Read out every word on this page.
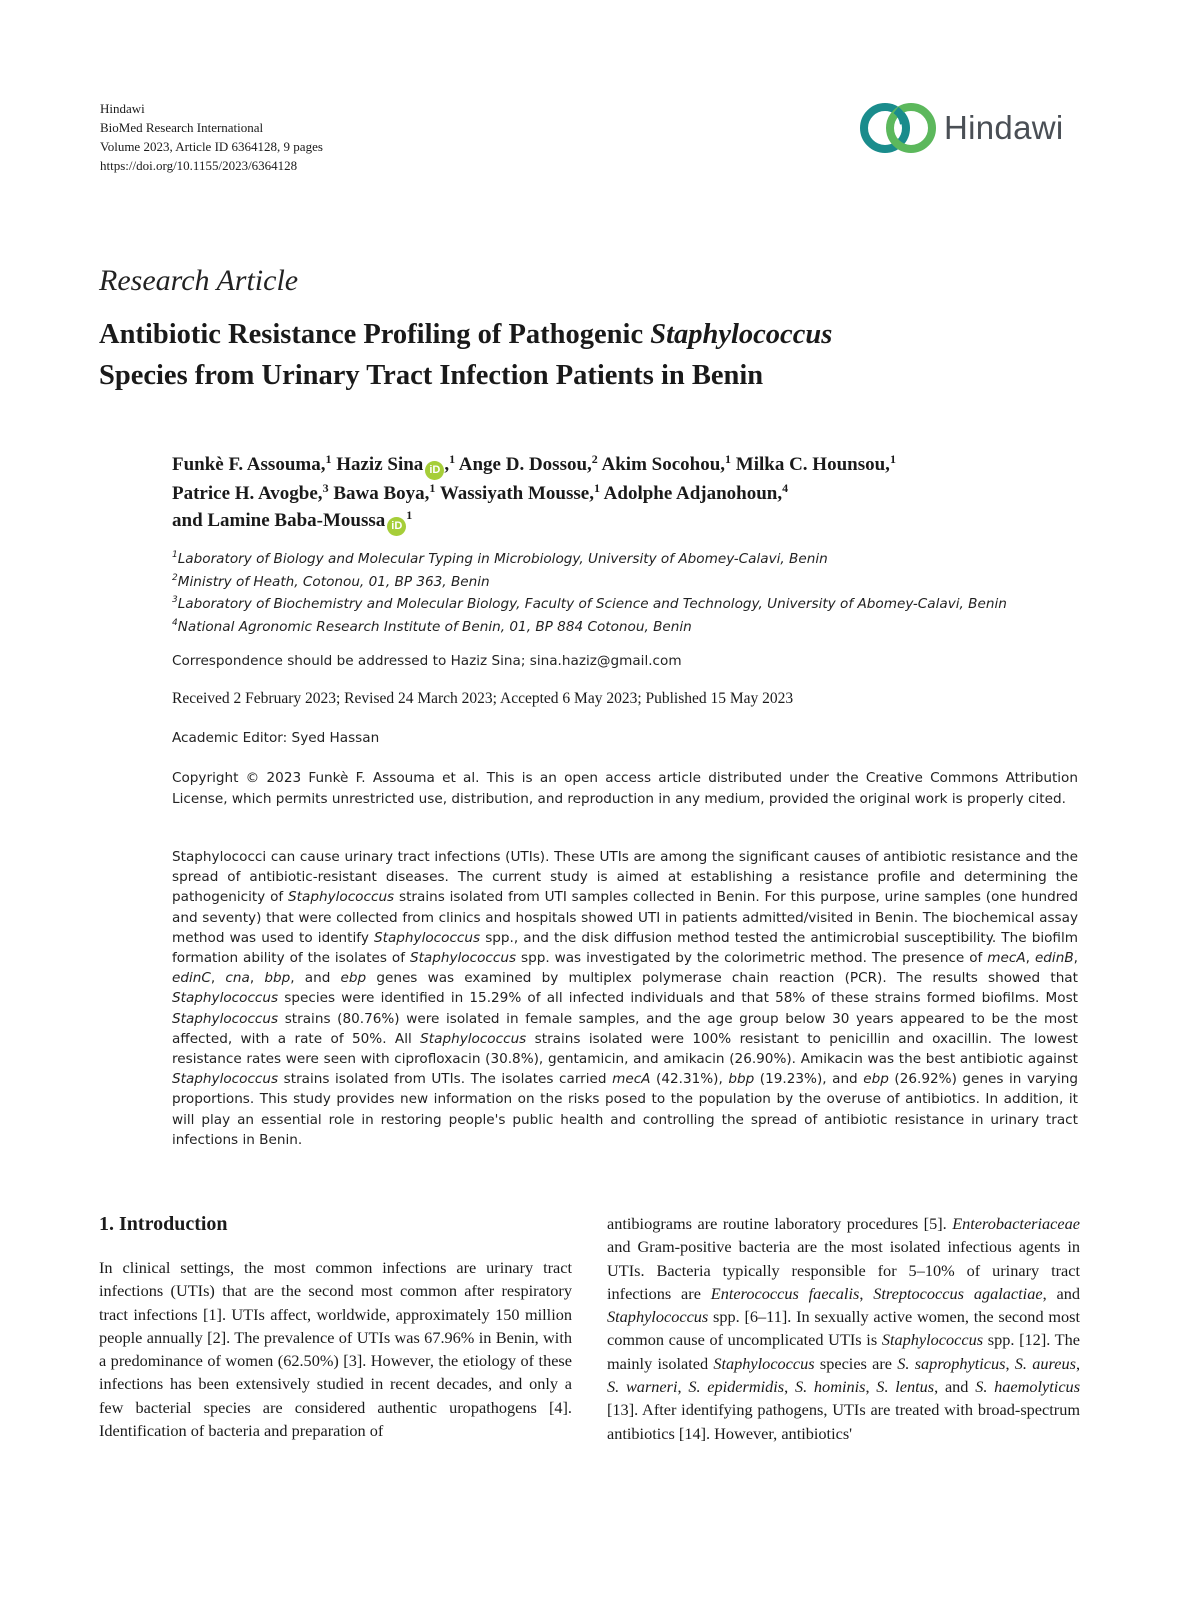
Hindawi
BioMed Research International
Volume 2023, Article ID 6364128, 9 pages
https://doi.org/10.1155/2023/6364128
Hindawi
Research Article
Antibiotic Resistance Profiling of Pathogenic Staphylococcus
Species from Urinary Tract Infection Patients in Benin
Funkè F. Assouma,$^1$ Haziz Sina iD ,$^1$ Ange D. Dossou,$^2$ Akim Socohou,$^1$ Milka C. Hounsou,$^1$
Patrice H. Avogbe,$^3$ Bawa Boya,$^1$ Wassiyath Mousse,$^1$ Adolphe Adjanohoun,$^4$
and Lamine Baba-Moussa $iD^1$
$^1$Laboratory of Biology and Molecular Typing in Microbiology, University of Abomey-Calavi, Benin
$^2$Ministry of Heath, Cotonou, 01, BP 363, Benin
$^3$Laboratory of Biochemistry and Molecular Biology, Faculty of Science and Technology, University of Abomey-Calavi, Benin
$^4$National Agronomic Research Institute of Benin, 01, BP 884 Cotonou, Benin
Correspondence should be addressed to Haziz Sina; sina.haziz@gmail.com
Received 2 February 2023; Revised 24 March 2023; Accepted 6 May 2023; Published 15 May 2023
Academic Editor: Syed Hassan
Copyright © 2023 Funkè F. Assouma et al. This is an open access article distributed under the Creative Commons Attribution License, which permits unrestricted use, distribution, and reproduction in any medium, provided the original work is properly cited.
Staphylococci can cause urinary tract infections (UTIs). These UTIs are among the significant causes of antibiotic resistance and the spread of antibiotic-resistant diseases. The current study is aimed at establishing a resistance profile and determining the pathogenicity of Staphylococcus strains isolated from UTI samples collected in Benin. For this purpose, urine samples (one hundred and seventy) that were collected from clinics and hospitals showed UTI in patients admitted/visited in Benin. The biochemical assay method was used to identify Staphylococcus spp., and the disk diffusion method tested the antimicrobial susceptibility. The biofilm formation ability of the isolates of Staphylococcus spp. was investigated by the colorimetric method. The presence of mecA, edinB, edinC, cna, bbp, and ebp genes was examined by multiplex polymerase chain reaction (PCR). The results showed that Staphylococcus species were identified in 15.29% of all infected individuals and that 58% of these strains formed biofilms. Most Staphylococcus strains (80.76%) were isolated in female samples, and the age group below 30 years appeared to be the most affected, with a rate of 50%. All Staphylococcus strains isolated were 100% resistant to penicillin and oxacillin. The lowest resistance rates were seen with ciprofloxacin (30.8%), gentamicin, and amikacin (26.90%). Amikacin was the best antibiotic against Staphylococcus strains isolated from UTIs. The isolates carried mecA (42.31%), bbp (19.23%), and ebp (26.92%) genes in varying proportions. This study provides new information on the risks posed to the population by the overuse of antibiotics. In addition, it will play an essential role in restoring people's public health and controlling the spread of antibiotic resistance in urinary tract infections in Benin.
1. Introduction

In clinical settings, the most common infections are urinary tract infections (UTIs) that are the second most common after respiratory tract infections [1]. UTIs affect, worldwide, approximately 150 million people annually [2]. The prevalence of UTIs was 67.96% in Benin, with a predominance of women (62.50%) [3]. However, the etiology of these infections has been extensively studied in recent decades, and only a few bacterial species are considered authentic uropathogens [4]. Identification of bacteria and preparation of

antibiograms are routine laboratory procedures [5]. Enterobacteriaceae and Gram-positive bacteria are the most isolated infectious agents in UTIs. Bacteria typically responsible for 5–10% of urinary tract infections are Enterococcus faecalis, Streptococcus agalactiae, and Staphylococcus spp. [6–11]. In sexually active women, the second most common cause of uncomplicated UTIs is Staphylococcus spp. [12]. The mainly isolated Staphylococcus species are S. saprophyticus, S. aureus, S. warneri, S. epidermidis, S. hominis, S. lentus, and S. haemolyticus [13]. After identifying pathogens, UTIs are treated with broad-spectrum antibiotics [14]. However, antibiotics'
